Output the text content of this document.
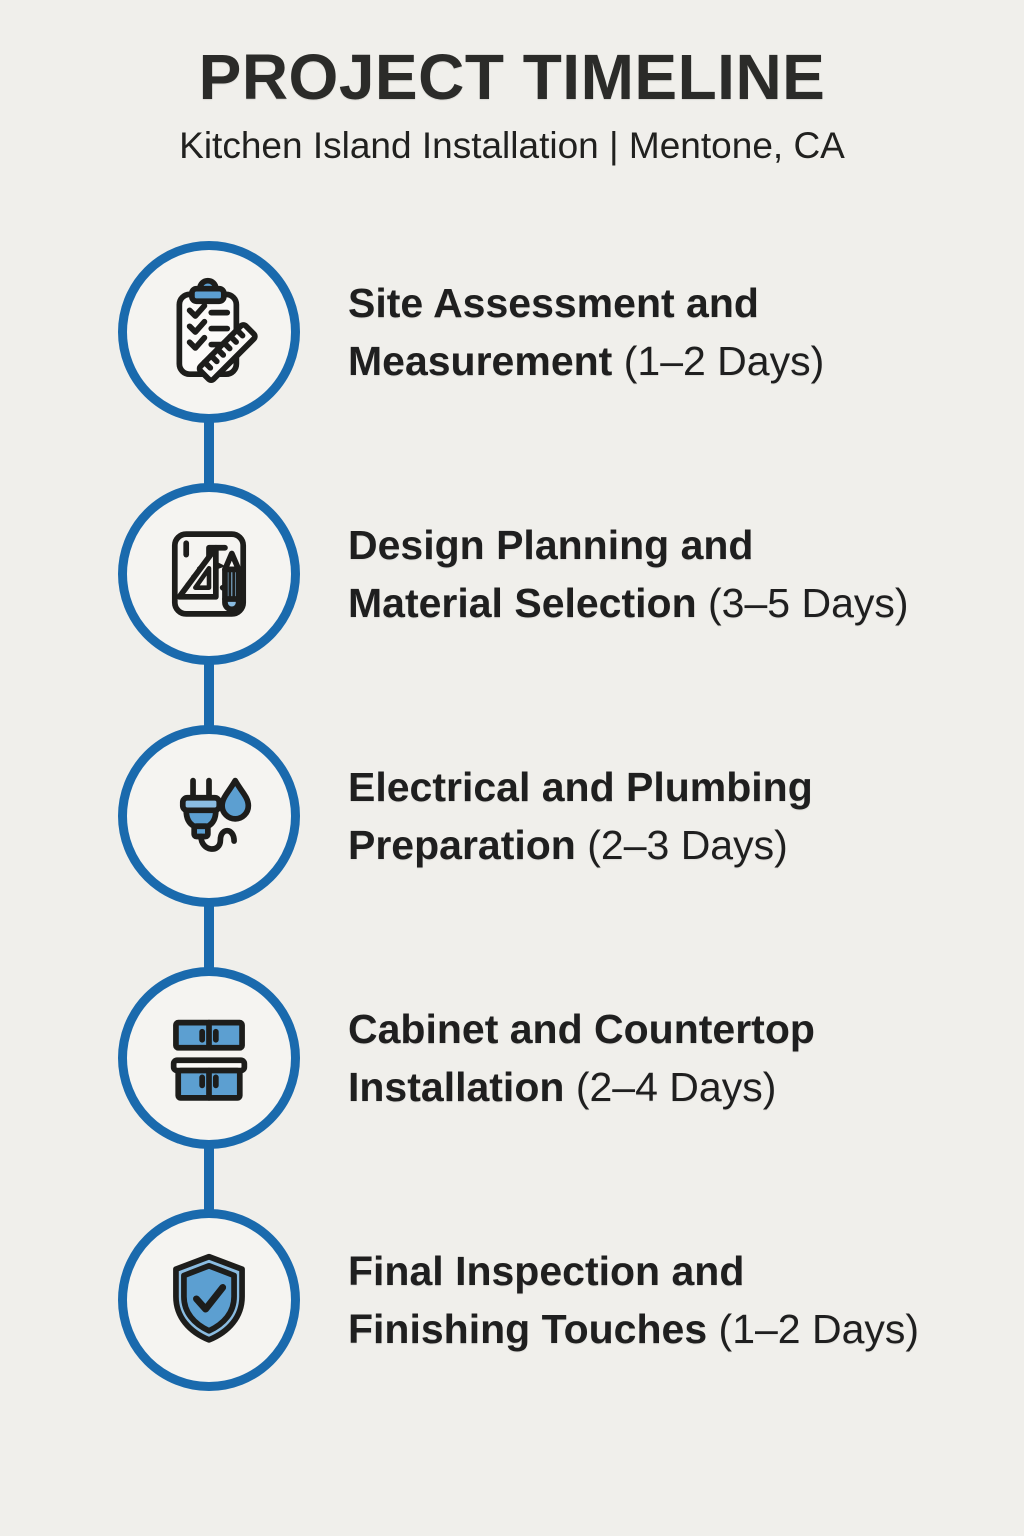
PROJECT TIMELINE
Kitchen Island Installation | Mentone, CA
Site Assessment and
Measurement (1–2 Days)
Design Planning and
Material Selection (3–5 Days)
Electrical and Plumbing
Preparation (2–3 Days)
Cabinet and Countertop
Installation (2–4 Days)
Final Inspection and
Finishing Touches (1–2 Days)
